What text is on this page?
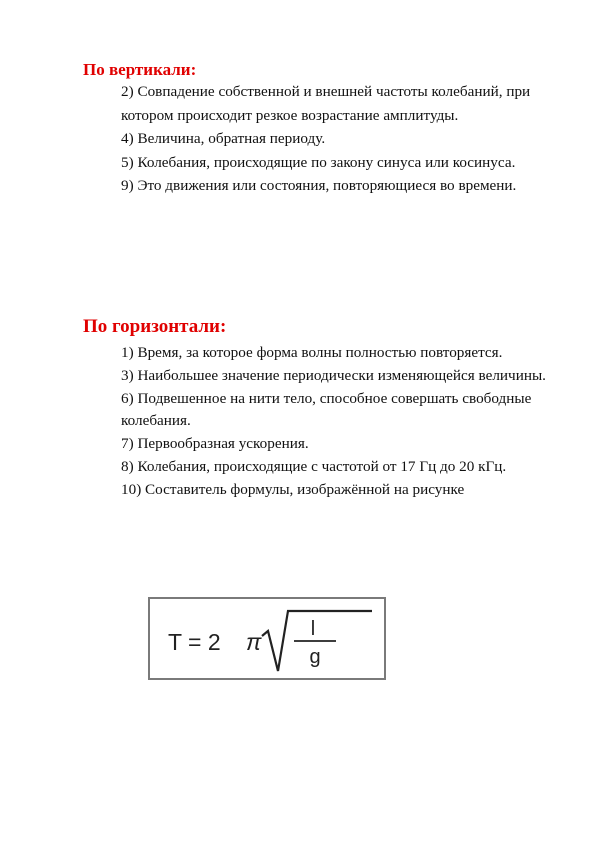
По вертикали:
2) Совпадение собственной и внешней частоты колебаний, при котором происходит резкое возрастание амплитуды.
4) Величина, обратная периоду.
5) Колебания, происходящие по закону синуса или косинуса.
9) Это движения или состояния, повторяющиеся во времени.
По горизонтали:
1) Время, за которое форма волны полностью повторяется.
3) Наибольшее значение периодически изменяющейся величины.
6) Подвешенное на нити тело, способное совершать свободные колебания.
7) Первообразная ускорения.
8) Колебания, происходящие с частотой от 17 Гц до 20 кГц.
10) Составитель формулы, изображённой на рисунке
T = 2 π l
g
